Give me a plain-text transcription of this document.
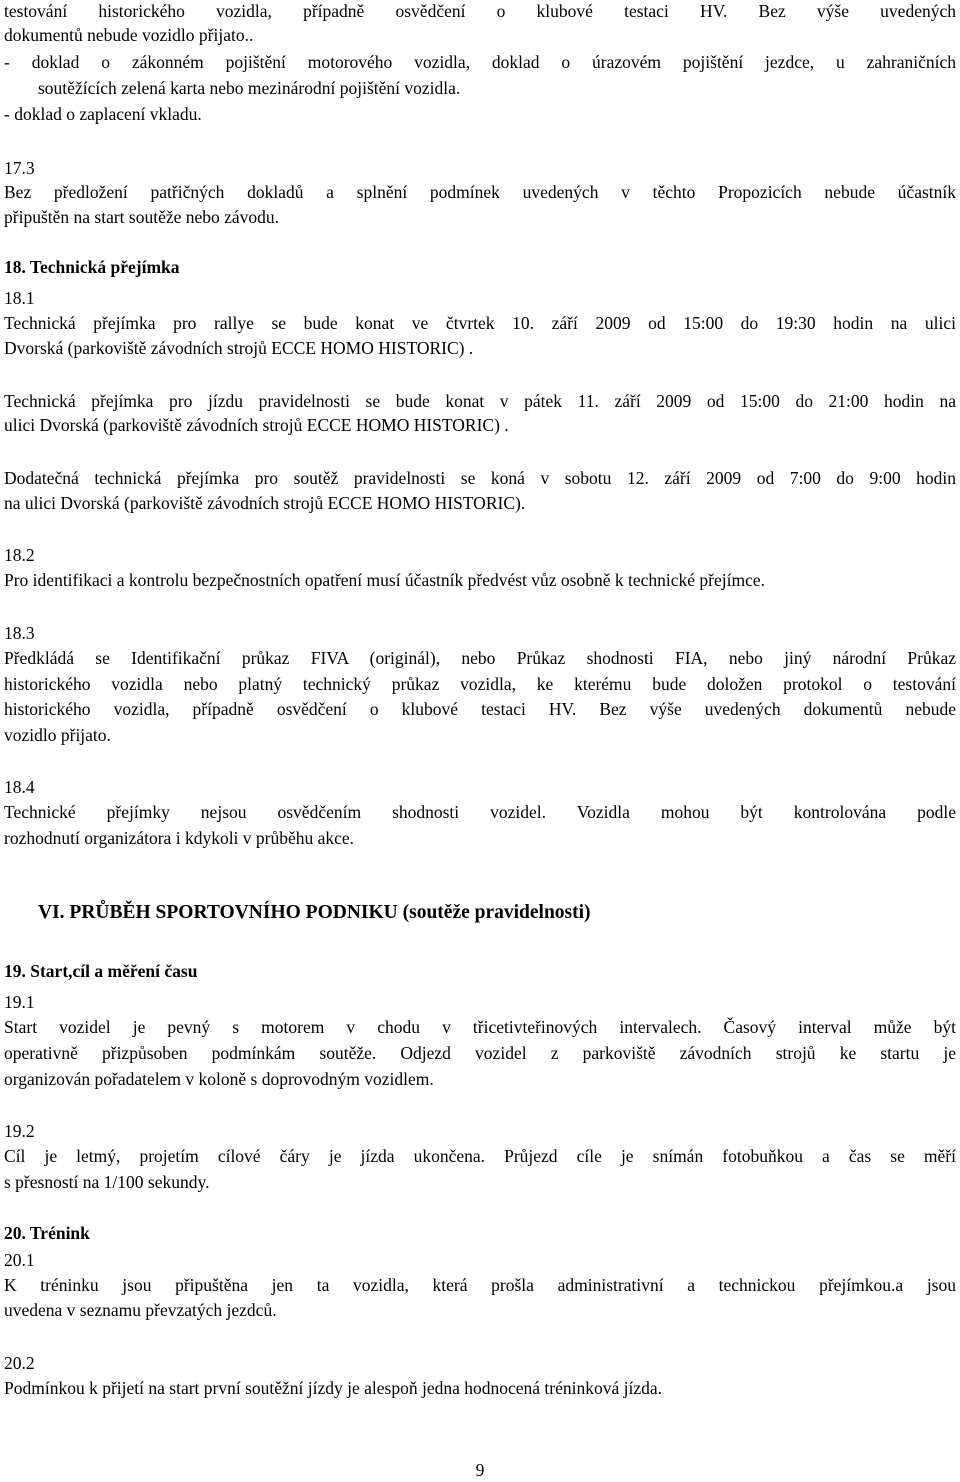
testování historického vozidla, případně osvědčení o klubové testaci HV. Bez výše uvedených
dokumentů nebude vozidlo přijato..
- doklad o zákonném pojištění motorového vozidla, doklad o úrazovém pojištění jezdce, u zahraničních
soutěžících zelená karta nebo mezinárodní pojištění vozidla.
- doklad o zaplacení vkladu.
17.3
Bez předložení patřičných dokladů a splnění podmínek uvedených v těchto Propozicích nebude účastník
připuštěn na start soutěže nebo závodu.
18. Technická přejímka
18.1
Technická přejímka pro rallye se bude konat ve čtvrtek 10. září 2009 od 15:00 do 19:30 hodin na ulici
Dvorská (parkoviště závodních strojů ECCE HOMO HISTORIC) .
Technická přejímka pro jízdu pravidelnosti se bude konat v pátek 11. září 2009 od 15:00 do 21:00 hodin na
ulici Dvorská (parkoviště závodních strojů ECCE HOMO HISTORIC) .
Dodatečná technická přejímka pro soutěž pravidelnosti se koná v sobotu 12. září 2009 od 7:00 do 9:00 hodin
na ulici Dvorská (parkoviště závodních strojů ECCE HOMO HISTORIC).
18.2
Pro identifikaci a kontrolu bezpečnostních opatření musí účastník předvést vůz osobně k technické přejímce.
18.3
Předkládá se Identifikační průkaz FIVA (originál), nebo Průkaz shodnosti FIA, nebo jiný národní Průkaz
historického vozidla nebo platný technický průkaz vozidla, ke kterému bude doložen protokol o testování
historického vozidla, případně osvědčení o klubové testaci HV. Bez výše uvedených dokumentů nebude
vozidlo přijato.
18.4
Technické přejímky nejsou osvědčením shodnosti vozidel. Vozidla mohou být kontrolována podle
rozhodnutí organizátora i kdykoli v průběhu akce.
VI. PRŮBĚH SPORTOVNÍHO PODNIKU (soutěže pravidelnosti)
19. Start,cíl a měření času
19.1
Start vozidel je pevný s motorem v chodu v třicetivteřinových intervalech. Časový interval může být
operativně přizpůsoben podmínkám soutěže. Odjezd vozidel z parkoviště závodních strojů ke startu je
organizován pořadatelem v koloně s doprovodným vozidlem.
19.2
Cíl je letmý, projetím cílové čáry je jízda ukončena. Průjezd cíle je snímán fotobuňkou a čas se měří
s přesností na 1/100 sekundy.
20. Trénink
20.1
K tréninku jsou připuštěna jen ta vozidla, která prošla administrativní a technickou přejímkou.a jsou
uvedena v seznamu převzatých jezdců.
20.2
Podmínkou k přijetí na start první soutěžní jízdy je alespoň jedna hodnocená tréninková jízda.
9
